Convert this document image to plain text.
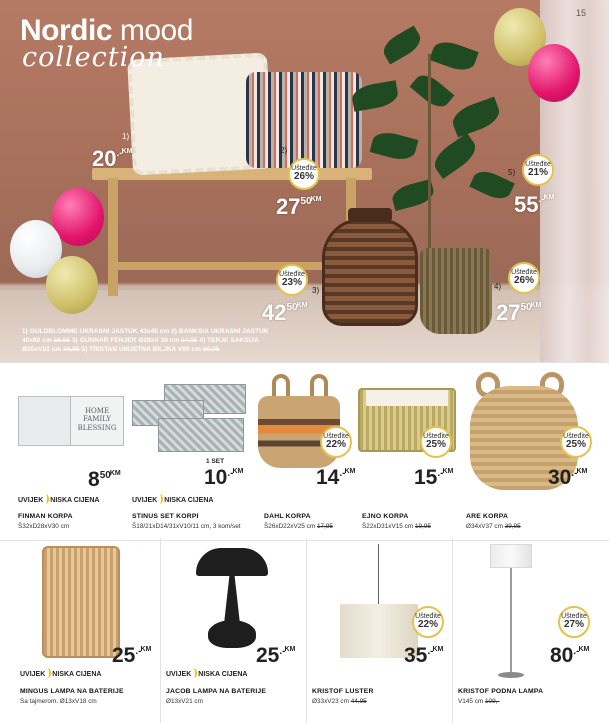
Nordic mood
collection
15
1)
$20^{.-KM}$	2)
Ušteđite
26%
$27^{50KM}$
3)
Ušteđite
23%
$42^{50KM}$
4)
Ušteđite
26%
$27^{50KM}$
5)
Ušteđite
21%
$55^{.-KM}$
1) GULDBLOMME UKRASNI JASTUK 43x45 cm 2) BANKSIA UKRASNI JASTUK
40x60 cm 36,95 3) GUNNAR FENJER Ø28xV 38 cm 54,95 4) TERJE SAKSIJA
Ø25xV22 cm 36,95 5) TRISTAN UMJETNA BILJKA V90 cm 69,95
HOME
FAMILY
BLESSING
$8^{50KM}$
UVIJEK NISKA CIJENA
FINMAN KORPA
Š32xD28xV30 cm
1 SET
$10^{.-KM}$
UVIJEK NISKA CIJENA
STINUS SET KORPI
Š18/21xD14/31xV10/11 cm, 3 kom/set
Ušteđite
22%
$14^{.-KM}$
DAHL KORPA
Š26xD22xV25 cm 17,95
Ušteđite
25%
$15^{.-KM}$
EJNO KORPA
Š22xD31xV15 cm 19,95
Ušteđite
25%
$30^{.-KM}$
ARE KORPA
Ø34xV37 cm 39,95
$25^{.-KM}$
UVIJEK NISKA CIJENA
MINGUS LAMPA NA BATERIJE
Sa tajmerom. Ø13xV18 cm
$25^{.-KM}$
UVIJEK NISKA CIJENA
JACOB LAMPA NA BATERIJE
Ø13xV21 cm
Ušteđite
22%
$35^{.-KM}$
KRISTOF LUSTER
Ø33xV23 cm 44,95
Ušteđite
27%
$80^{.-KM}$
KRISTOF PODNA LAMPA
V145 cm 109,-
